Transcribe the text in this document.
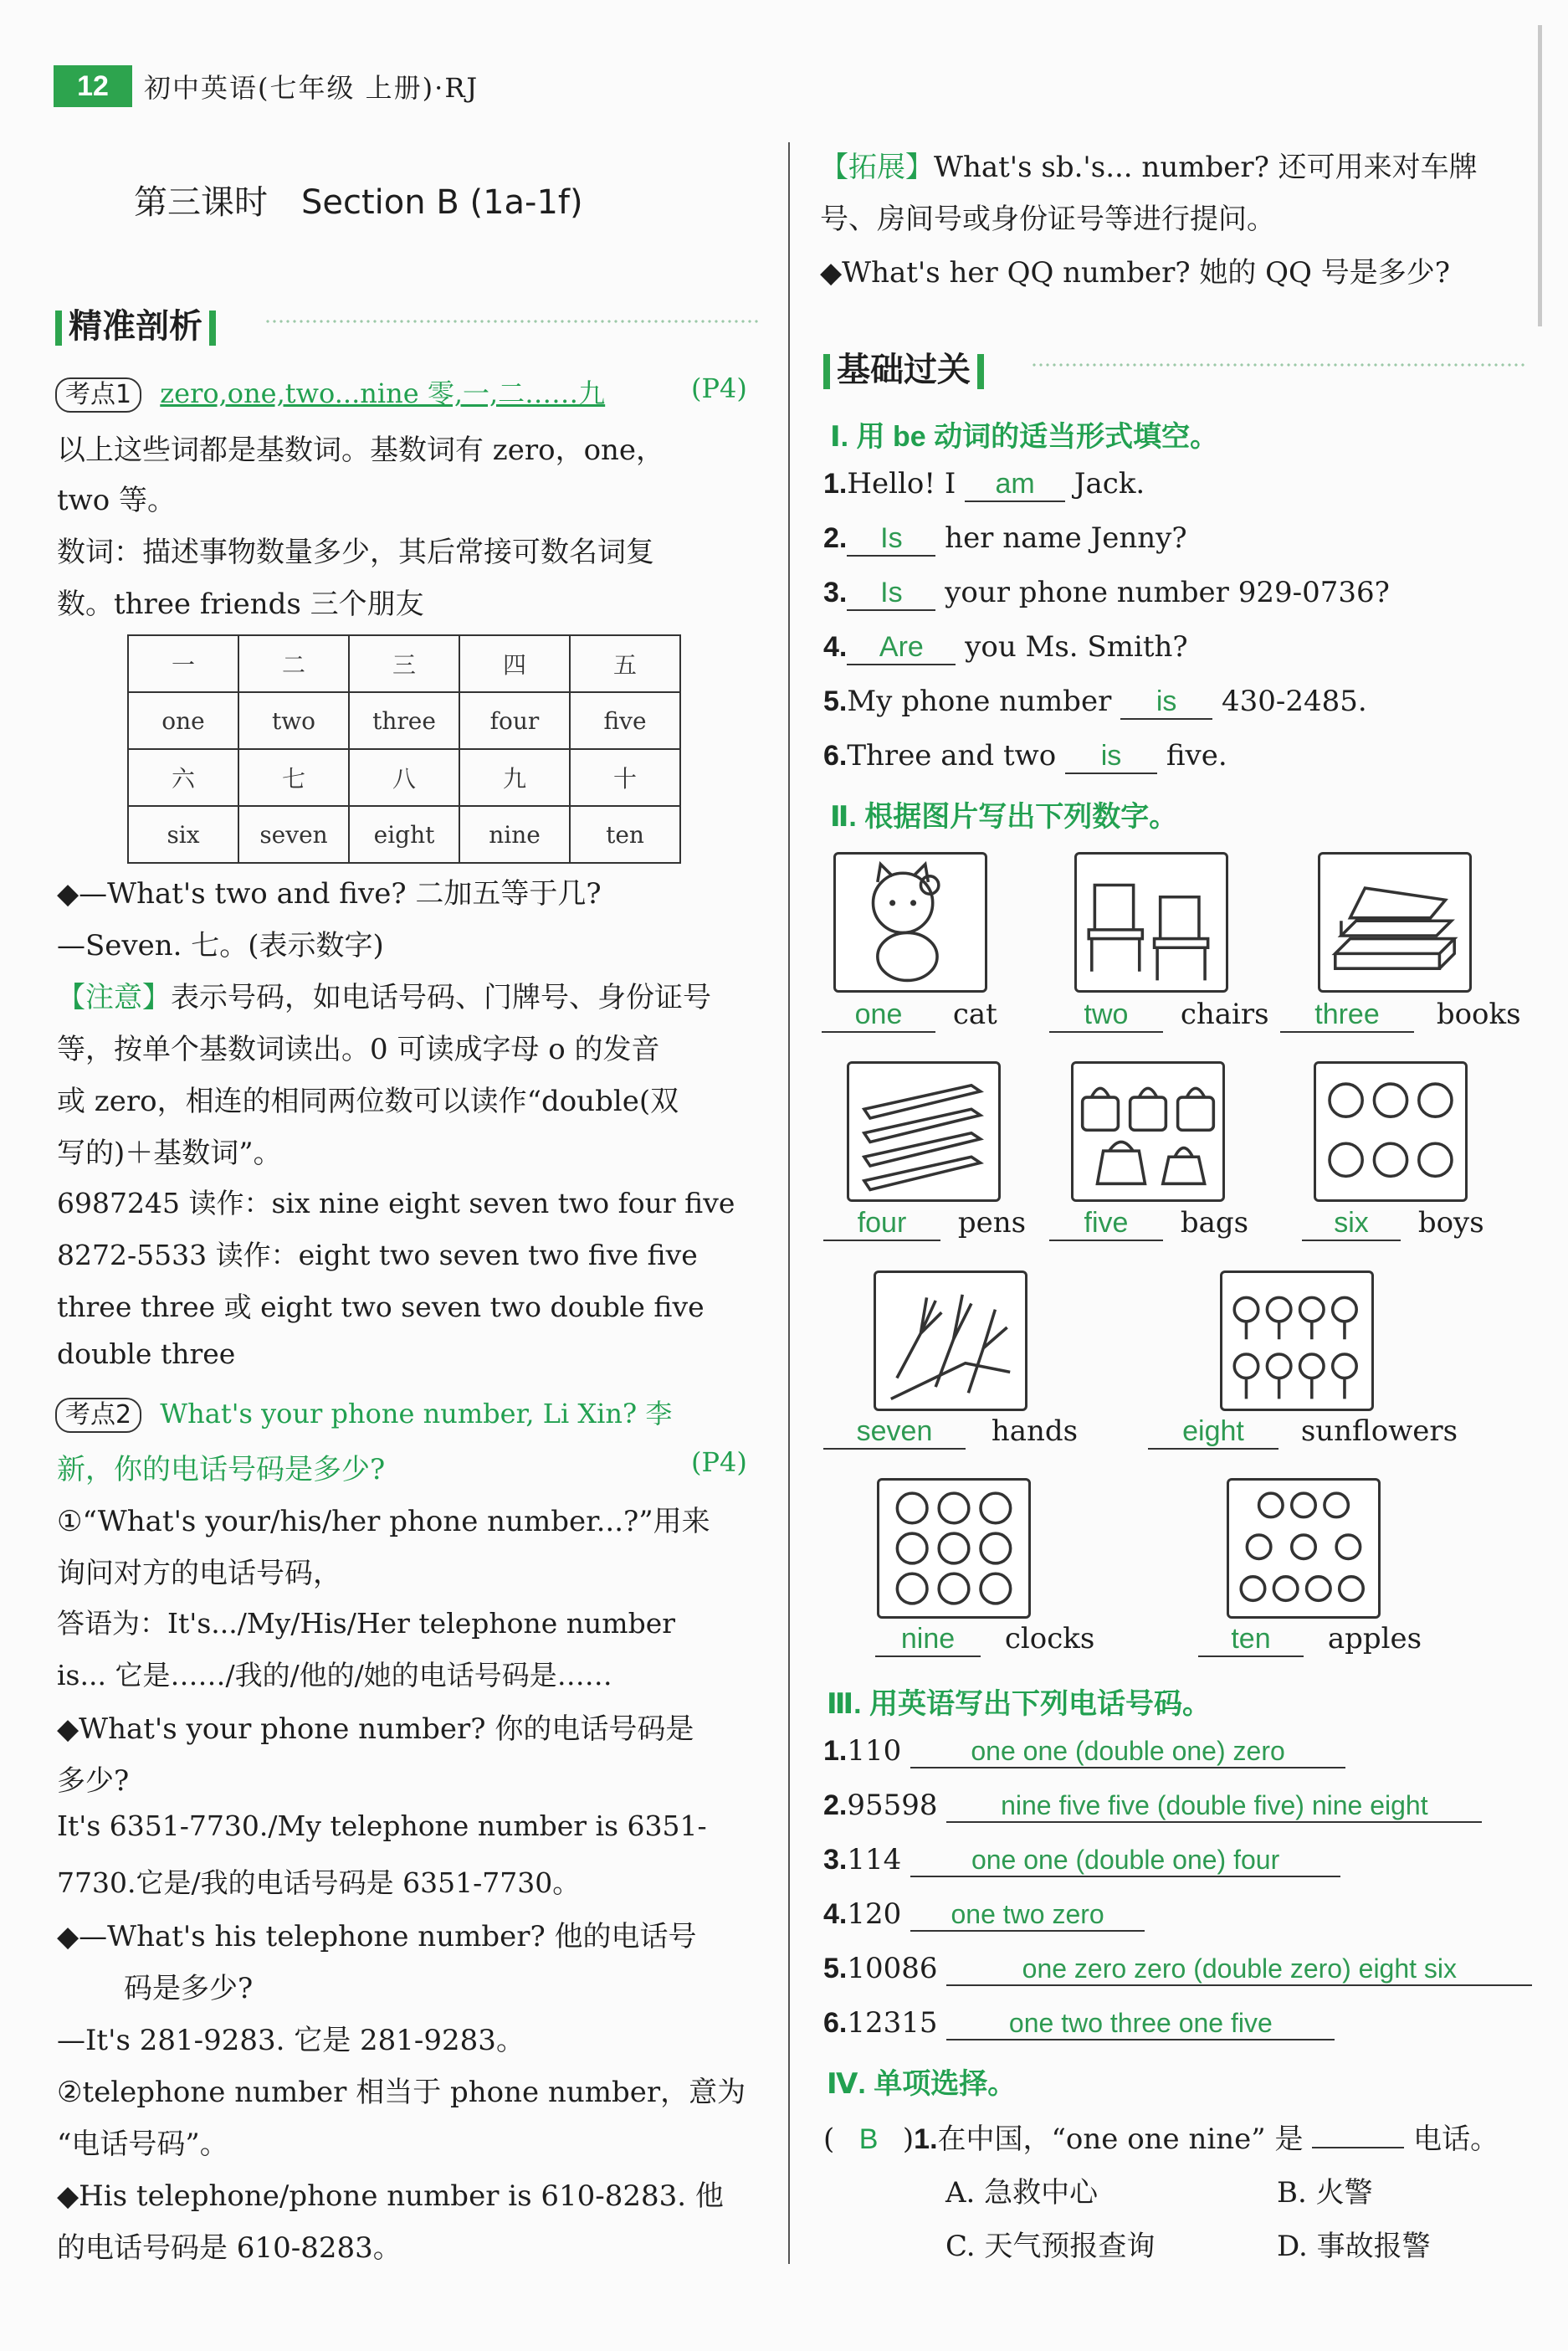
12	初中英语(七年级 上册)·RJ
第三课时　Section B (1a-1f)
精准剖析
考点1 zero,one,two...nine 零,一,二……九	(P4)
以上这些词都是基数词。基数词有 zero，one，
two 等。
数词：描述事物数量多少，其后常接可数名词复
数。three friends 三个朋友
一	二	三	四	五
one	two	three	four	five
六	七	八	九	十
six	seven	eight	nine	ten
◆—What's two and five? 二加五等于几?
—Seven. 七。(表示数字)
【注意】表示号码，如电话号码、门牌号、身份证号
等，按单个基数词读出。0 可读成字母 o 的发音
或 zero，相连的相同两位数可以读作“double(双
写的)＋基数词”。
6987245 读作：six nine eight seven two four five
8272-5533 读作：eight two seven two five five
three three 或 eight two seven two double five
double three
考点2 What's your phone number, Li Xin? 李
新，你的电话号码是多少?	(P4)
①“What's your/his/her phone number...?”用来
询问对方的电话号码，
答语为：It's.../My/His/Her telephone number
is... 它是……/我的/他的/她的电话号码是……
◆What's your phone number? 你的电话号码是
多少?
It's 6351-7730./My telephone number is 6351-
7730.它是/我的电话号码是 6351-7730。
◆—What's his telephone number? 他的电话号
码是多少?
—It's 281-9283. 它是 281-9283。
②telephone number 相当于 phone number，意为
“电话号码”。
◆His telephone/phone number is 610-8283. 他
的电话号码是 610-8283。
【拓展】What's sb.'s... number? 还可用来对车牌
号、房间号或身份证号等进行提问。
◆What's her QQ number? 她的 QQ 号是多少?
基础过关
Ⅰ. 用 be 动词的适当形式填空。
1.Hello! I am Jack.
2. Is her name Jenny?
3. Is your phone number 929-0736?
4. Are you Ms. Smith?
5.My phone number is 430-2485.
6.Three and two is five.
Ⅱ. 根据图片写出下列数字。
one cat	two chairs	three books
four pens	five bags	six boys
seven hands	eight sunflowers
nine clocks	ten apples
Ⅲ. 用英语写出下列电话号码。
1.110	one one (double one) zero
2.95598 nine five five (double five) nine eight
3.114	one one (double one) four
4.120 one two zero
5.10086	one zero zero (double zero) eight six
6.12315	one two three one five
Ⅳ. 单项选择。
( B )1.在中国，“one one nine” 是	电话。
A. 急救中心	B. 火警
C. 天气预报查询	D. 事故报警
